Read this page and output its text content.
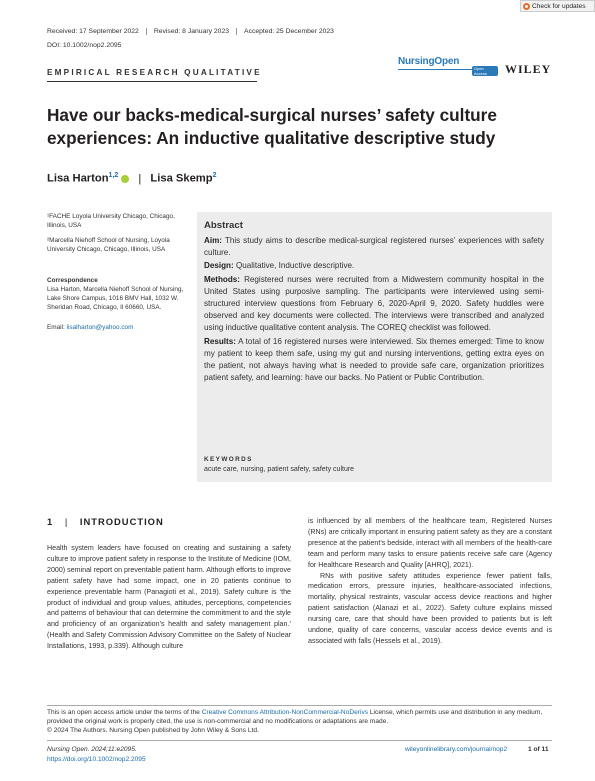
Check for updates
Received: 17 September 2022	Revised: 8 January 2023	Accepted: 25 December 2023
DOI: 10.1002/nop2.2095
EMPIRICAL RESEARCH QUALITATIVE
NursingOpen
Open Access	WILEY
Have our backs-medical-surgical nurses’ safety culture experiences: An inductive qualitative descriptive study
Lisa Harton$^{1,2}$ | Lisa Skemp$^2$
¹FACHE Loyola University Chicago, Chicago, Illinois, USA
²Marcella Niehoff School of Nursing, Loyola University Chicago, Chicago, Illinois, USA
Correspondence
Lisa Harton, Marcella Niehoff School of Nursing, Lake Shore Campus, 1016 BMV Hall, 1032 W. Sheridan Road, Chicago, Il 60660, USA.
Email: lisalharton@yahoo.com
Abstract

Aim: This study aims to describe medical-surgical registered nurses’ experiences with safety culture.

Design: Qualitative, Inductive descriptive.

Methods: Registered nurses were recruited from a Midwestern community hospital in the United States using purposive sampling. The participants were interviewed using semi-structured interview questions from February 6, 2020-April 9, 2020. Safety huddles were observed and key documents were collected. The interviews were transcribed and analyzed using inductive qualitative content analysis. The COREQ checklist was followed.

Results: A total of 16 registered nurses were interviewed. Six themes emerged: Time to know my patient to keep them safe, using my gut and nursing interventions, getting extra eyes on the patient, not always having what is needed to provide safe care, organization prioritizes patient safety, and learning: have our backs. No Patient or Public Contribution.

KEYWORDS
acute care, nursing, patient safety, safety culture
1 | INTRODUCTION

Health system leaders have focused on creating and sustaining a safety culture to improve patient safety in response to the Institute of Medicine (IOM, 2000) seminal report on preventable patient harm. Although efforts to improve patient safety have had some impact, one in 20 patients continue to experience preventable harm (Panagioti et al., 2019). Safety culture is ‘the product of individual and group values, attitudes, perceptions, competencies and patterns of behaviour that can determine the commitment to and the style and proficiency of an organization’s health and safety management plan.’ (Health and Safety Commission Advisory Committee on the Safety of Nuclear Installations, 1993, p.339). Although culture

is influenced by all members of the healthcare team, Registered Nurses (RNs) are critically important in ensuring patient safety as they are a constant presence at the patient’s bedside, interact with all members of the health-care team and perform many tasks to ensure patients receive safe care (Agency for Healthcare Research and Quality [AHRQ], 2021).

RNs with positive safety attitudes experience fewer patient falls, medication errors, pressure injuries, healthcare-associated infections, mortality, physical restraints, vascular access device reactions and higher patient satisfaction (Alanazi et al., 2022). Safety culture explains missed nursing care, care that should have been provided to patients but is left undone, quality of care concerns, vascular access device events and is associated with falls (Hessels et al., 2019).

This is an open access article under the terms of the Creative Commons Attribution-NonCommercial-NoDerivs License, which permits use and distribution in any medium, provided the original work is properly cited, the use is non-commercial and no modifications or adaptations are made.
© 2024 The Authors. Nursing Open published by John Wiley & Sons Ltd.
Nursing Open. 2024;11:e2095.
https://doi.org/10.1002/nop2.2095
wileyonlinelibrary.com/journal/nop2	1 of 11
